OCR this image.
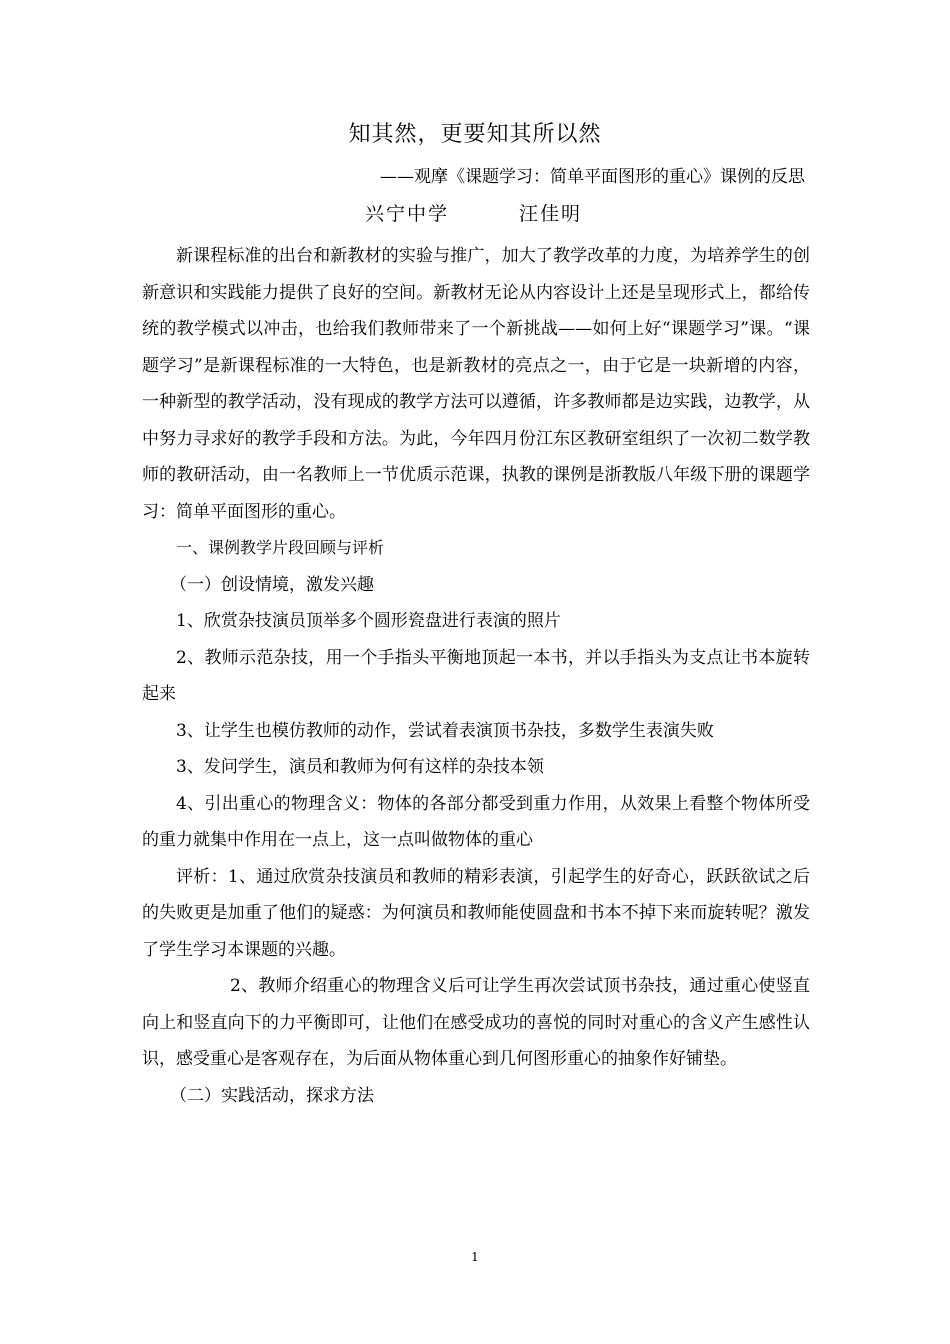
知其然，更要知其所以然
——观摩《课题学习：简单平面图形的重心》课例的反思
兴宁中学	汪佳明

新课程标准的出台和新教材的实验与推广，加大了教学改革的力度，为培养学生的创新意识和实践能力提供了良好的空间。新教材无论从内容设计上还是呈现形式上，都给传统的教学模式以冲击，也给我们教师带来了一个新挑战——如何上好“课题学习”课。“课题学习”是新课程标准的一大特色，也是新教材的亮点之一，由于它是一块新增的内容，一种新型的教学活动，没有现成的教学方法可以遵循，许多教师都是边实践，边教学，从中努力寻求好的教学手段和方法。为此，今年四月份江东区教研室组织了一次初二数学教师的教研活动，由一名教师上一节优质示范课，执教的课例是浙教版八年级下册的课题学习：简单平面图形的重心。

一、课例教学片段回顾与评析

（一）创设情境，激发兴趣

1、欣赏杂技演员顶举多个圆形瓷盘进行表演的照片

2、教师示范杂技，用一个手指头平衡地顶起一本书，并以手指头为支点让书本旋转起来

3、让学生也模仿教师的动作，尝试着表演顶书杂技，多数学生表演失败

3、发问学生，演员和教师为何有这样的杂技本领

4、引出重心的物理含义：物体的各部分都受到重力作用，从效果上看整个物体所受的重力就集中作用在一点上，这一点叫做物体的重心

评析：1、通过欣赏杂技演员和教师的精彩表演，引起学生的好奇心，跃跃欲试之后的失败更是加重了他们的疑惑：为何演员和教师能使圆盘和书本不掉下来而旋转呢？激发了学生学习本课题的兴趣。

2、教师介绍重心的物理含义后可让学生再次尝试顶书杂技，通过重心使竖直向上和竖直向下的力平衡即可，让他们在感受成功的喜悦的同时对重心的含义产生感性认识，感受重心是客观存在，为后面从物体重心到几何图形重心的抽象作好铺垫。

（二）实践活动，探求方法

1
